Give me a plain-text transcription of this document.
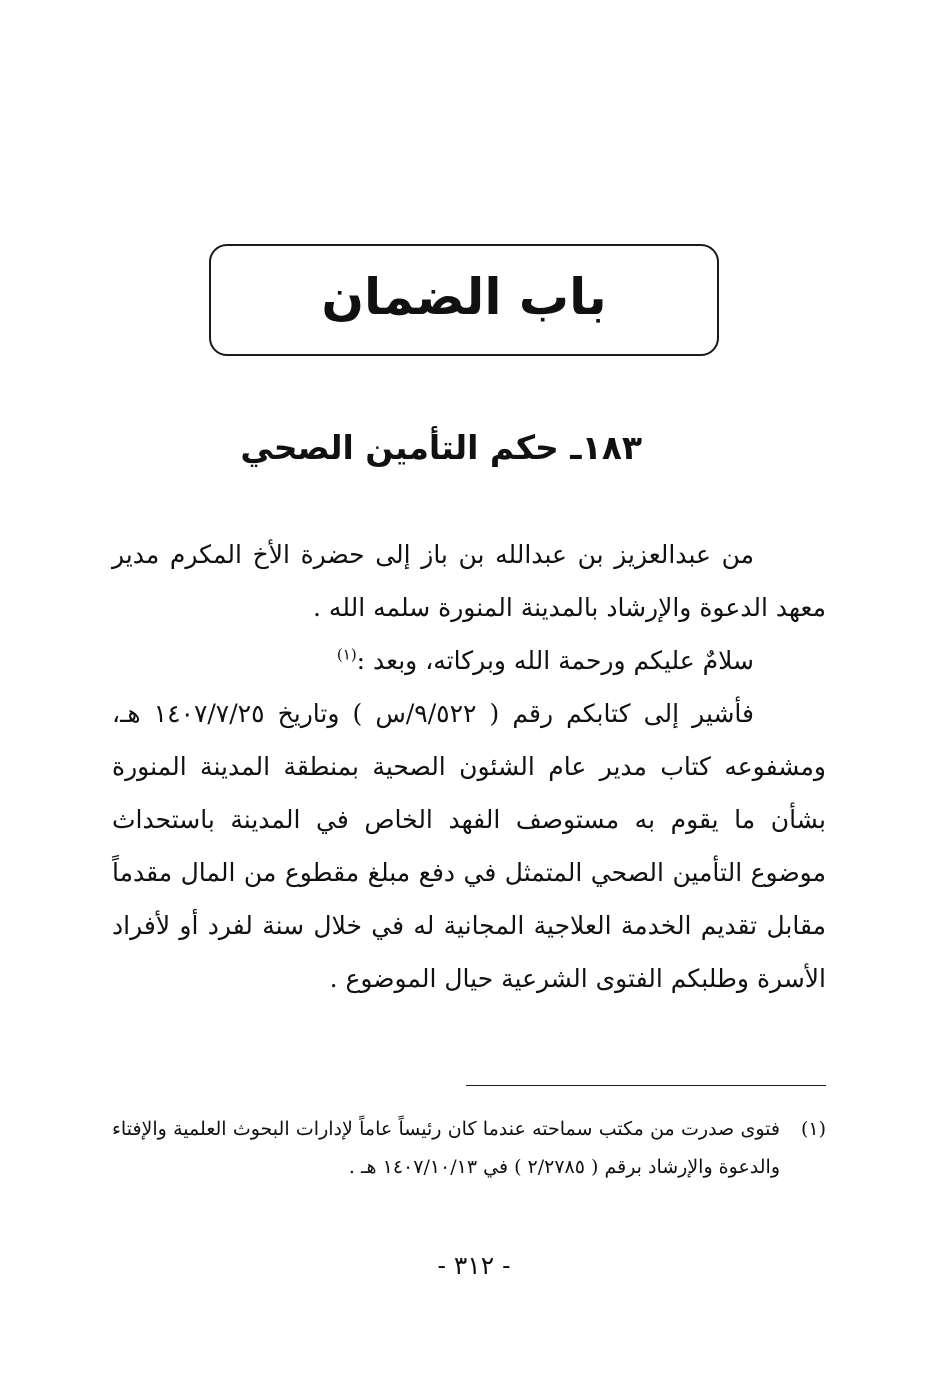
باب الضمان
١٨٣ـ حكم التأمين الصحي

من عبدالعزيز بن عبدالله بن باز إلى حضرة الأخ المكرم مدير معهد الدعوة والإرشاد بالمدينة المنورة سلمه الله .

سلامٌ عليكم ورحمة الله وبركاته، وبعد :$^{(١)}$

فأشير إلى كتابكم رقم ( ٩/٥٢٢/س ) وتاريخ ١٤٠٧/٧/٢٥ هـ، ومشفوعه كتاب مدير عام الشئون الصحية بمنطقة المدينة المنورة بشأن ما يقوم به مستوصف الفهد الخاص في المدينة باستحداث موضوع التأمين الصحي المتمثل في دفع مبلغ مقطوع من المال مقدماً مقابل تقديم الخدمة العلاجية المجانية له في خلال سنة لفرد أو لأفراد الأسرة وطلبكم الفتوى الشرعية حيال الموضوع .

(١)
فتوى صدرت من مكتب سماحته عندما كان رئيساً عاماً لإدارات البحوث العلمية والإفتاء والدعوة والإرشاد برقم ( ٢/٢٧٨٥ ) في ١٤٠٧/١٠/١٣ هـ .
- ٣١٢ -
